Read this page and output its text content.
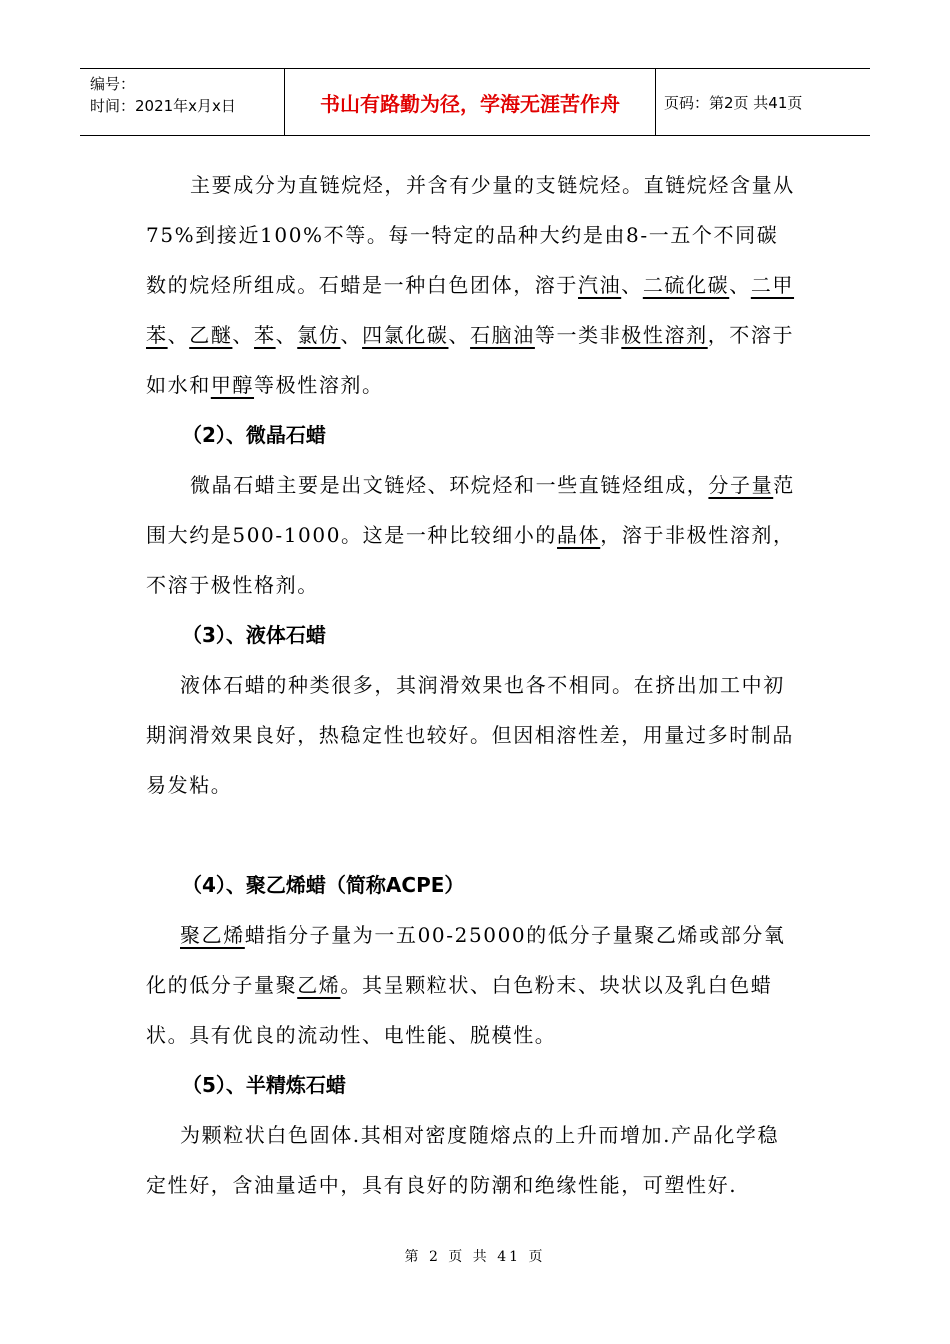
编号：
时间：2021年x月x日	书山有路勤为径，学海无涯苦作舟	页码：第2页 共41页

主要成分为直链烷烃，并含有少量的支链烷烃。直链烷烃含量从75%到接近100%不等。每一特定的品种大约是由8-一五个不同碳数的烷烃所组成。石蜡是一种白色团体，溶于汽油、二硫化碳、二甲苯、乙醚、苯、氯仿、四氯化碳、石脑油等一类非极性溶剂，不溶于如水和甲醇等极性溶剂。

（2）、微晶石蜡

微晶石蜡主要是出文链烃、环烷烃和一些直链烃组成，分子量范围大约是500-1000。这是一种比较细小的晶体，溶于非极性溶剂，不溶于极性格剂。

（3）、液体石蜡

液体石蜡的种类很多，其润滑效果也各不相同。在挤出加工中初期润滑效果良好，热稳定性也较好。但因相溶性差，用量过多时制品易发粘。

（4）、聚乙烯蜡（简称ACPE）

聚乙烯蜡指分子量为一五00-25000的低分子量聚乙烯或部分氧化的低分子量聚乙烯。其呈颗粒状、白色粉末、块状以及乳白色蜡状。具有优良的流动性、电性能、脱模性。

（5）、半精炼石蜡

为颗粒状白色固体.其相对密度随熔点的上升而增加.产品化学稳定性好，含油量适中，具有良好的防潮和绝缘性能，可塑性好.

第 2 页 共 41 页
